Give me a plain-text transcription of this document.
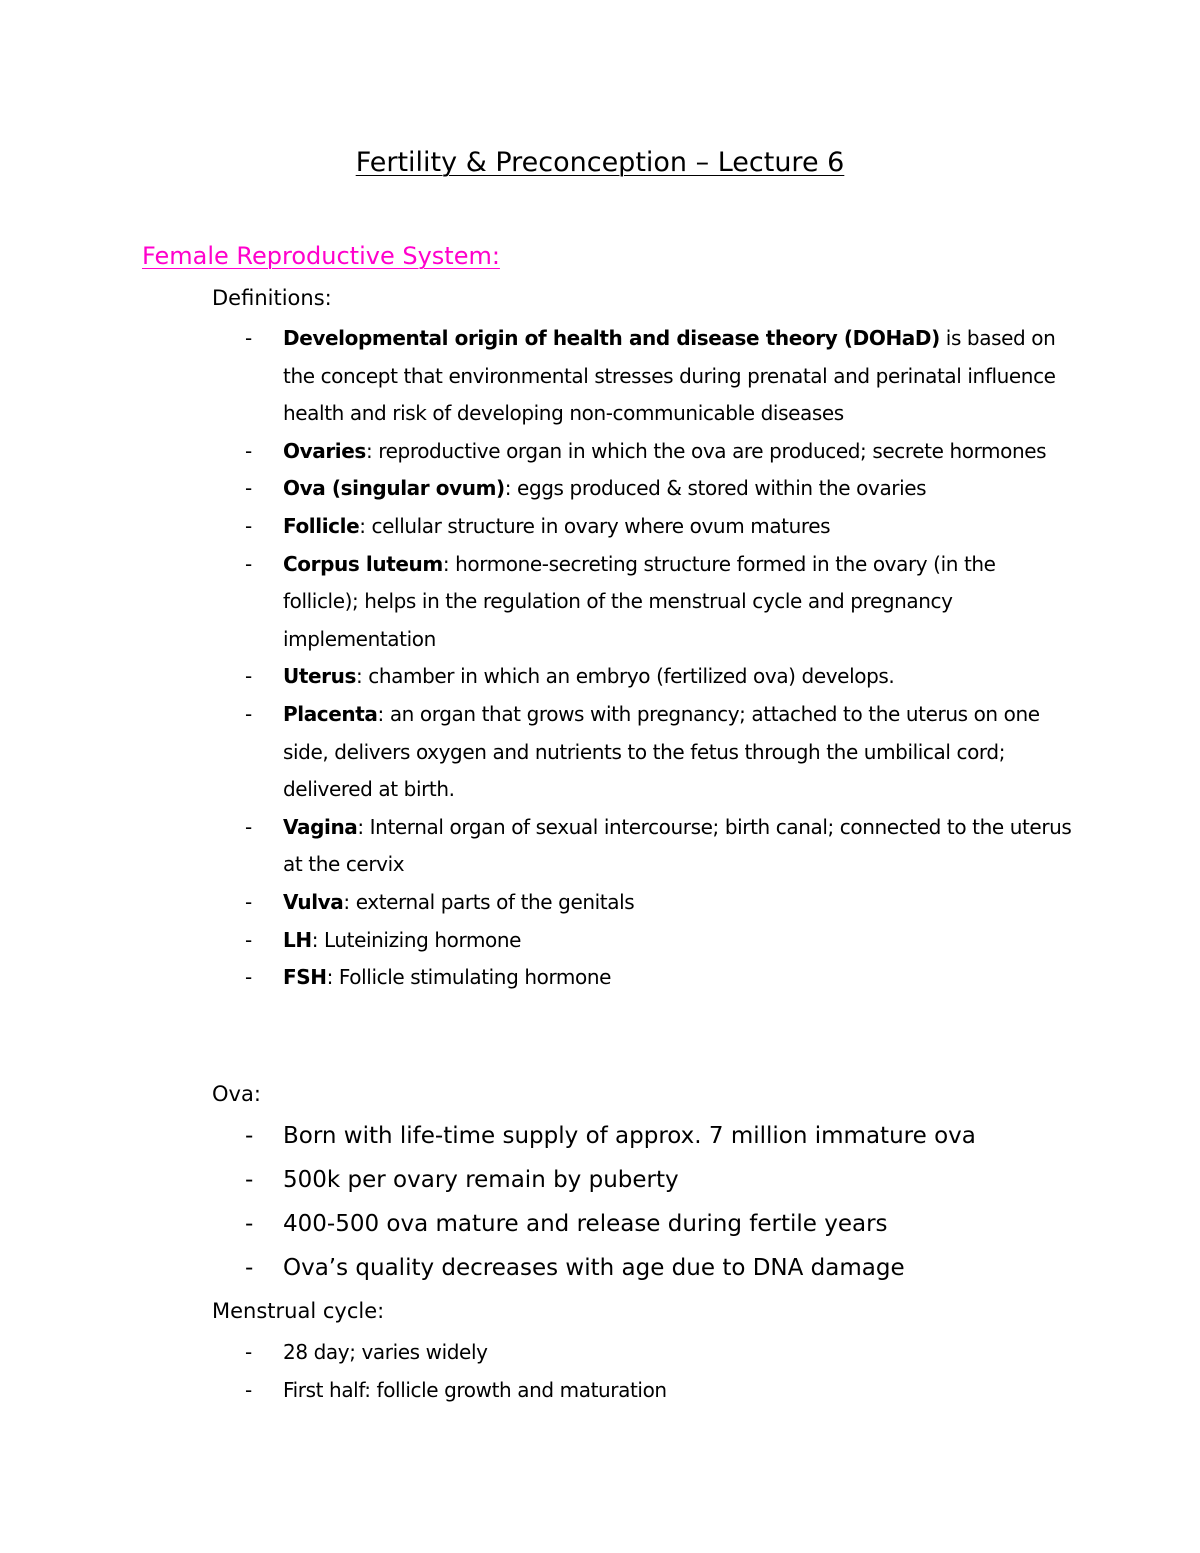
Fertility & Preconception – Lecture 6
Female Reproductive System:

Definitions:

- Developmental origin of health and disease theory (DOHaD) is based on the concept that environmental stresses during prenatal and perinatal influence health and risk of developing non-communicable diseases
- Ovaries: reproductive organ in which the ova are produced; secrete hormones
- Ova (singular ovum): eggs produced & stored within the ovaries
- Follicle: cellular structure in ovary where ovum matures
- Corpus luteum: hormone-secreting structure formed in the ovary (in the follicle); helps in the regulation of the menstrual cycle and pregnancy implementation
- Uterus: chamber in which an embryo (fertilized ova) develops.
- Placenta: an organ that grows with pregnancy; attached to the uterus on one side, delivers oxygen and nutrients to the fetus through the umbilical cord; delivered at birth.
- Vagina: Internal organ of sexual intercourse; birth canal; connected to the uterus at the cervix
- Vulva: external parts of the genitals
- LH: Luteinizing hormone
- FSH: Follicle stimulating hormone

Ova:

- Born with life-time supply of approx. 7 million immature ova
- 500k per ovary remain by puberty
- 400-500 ova mature and release during fertile years
- Ova’s quality decreases with age due to DNA damage

Menstrual cycle:

- 28 day; varies widely
- First half: follicle growth and maturation
